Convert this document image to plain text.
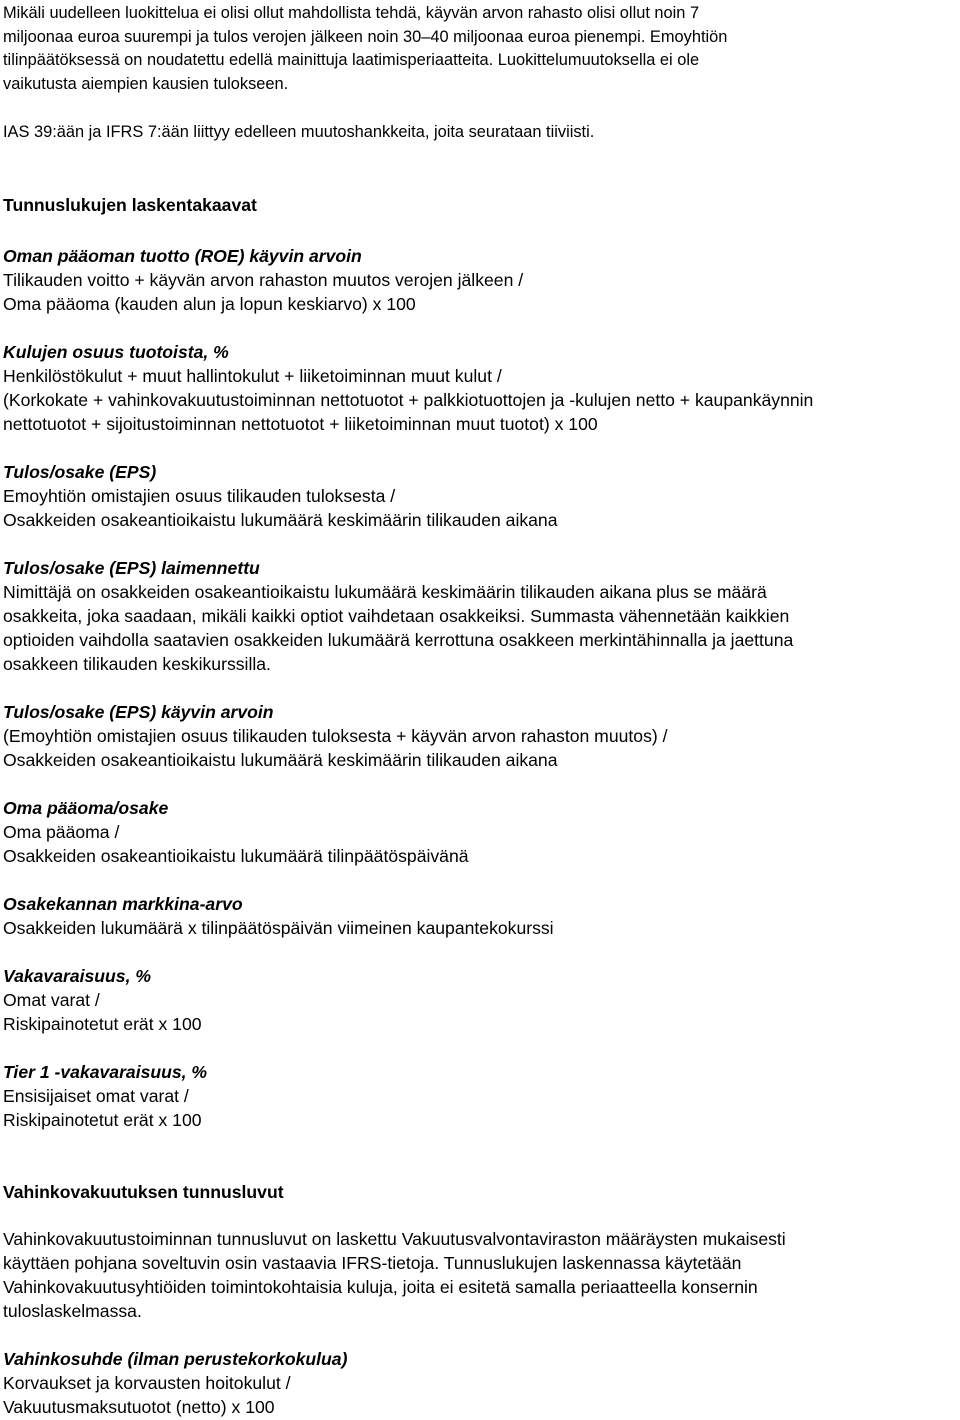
Mikäli uudelleen luokittelua ei olisi ollut mahdollista tehdä, käyvän arvon rahasto olisi ollut noin 7
miljoonaa euroa suurempi ja tulos verojen jälkeen noin 30–40 miljoonaa euroa pienempi. Emoyhtiön
tilinpäätöksessä on noudatettu edellä mainittuja laatimisperiaatteita. Luokittelumuutoksella ei ole
vaikutusta aiempien kausien tulokseen.
IAS 39:ään ja IFRS 7:ään liittyy edelleen muutoshankkeita, joita seurataan tiiviisti.
Tunnuslukujen laskentakaavat
Oman pääoman tuotto (ROE) käyvin arvoin
Tilikauden voitto + käyvän arvon rahaston muutos verojen jälkeen /
Oma pääoma (kauden alun ja lopun keskiarvo) x 100
Kulujen osuus tuotoista, %
Henkilöstökulut + muut hallintokulut + liiketoiminnan muut kulut /
(Korkokate + vahinkovakuutustoiminnan nettotuotot + palkkiotuottojen ja -kulujen netto + kaupankäynnin
nettotuotot + sijoitustoiminnan nettotuotot + liiketoiminnan muut tuotot) x 100
Tulos/osake (EPS)
Emoyhtiön omistajien osuus tilikauden tuloksesta /
Osakkeiden osakeantioikaistu lukumäärä keskimäärin tilikauden aikana
Tulos/osake (EPS) laimennettu
Nimittäjä on osakkeiden osakeantioikaistu lukumäärä keskimäärin tilikauden aikana plus se määrä
osakkeita, joka saadaan, mikäli kaikki optiot vaihdetaan osakkeiksi. Summasta vähennetään kaikkien
optioiden vaihdolla saatavien osakkeiden lukumäärä kerrottuna osakkeen merkintähinnalla ja jaettuna
osakkeen tilikauden keskikurssilla.
Tulos/osake (EPS) käyvin arvoin
(Emoyhtiön omistajien osuus tilikauden tuloksesta + käyvän arvon rahaston muutos) /
Osakkeiden osakeantioikaistu lukumäärä keskimäärin tilikauden aikana
Oma pääoma/osake
Oma pääoma /
Osakkeiden osakeantioikaistu lukumäärä tilinpäätöspäivänä
Osakekannan markkina-arvo
Osakkeiden lukumäärä x tilinpäätöspäivän viimeinen kaupantekokurssi
Vakavaraisuus, %
Omat varat /
Riskipainotetut erät x 100
Tier 1 -vakavaraisuus, %
Ensisijaiset omat varat /
Riskipainotetut erät x 100
Vahinkovakuutuksen tunnusluvut
Vahinkovakuutustoiminnan tunnusluvut on laskettu Vakuutusvalvontaviraston määräysten mukaisesti
käyttäen pohjana soveltuvin osin vastaavia IFRS-tietoja. Tunnuslukujen laskennassa käytetään
Vahinkovakuutusyhtiöiden toimintokohtaisia kuluja, joita ei esitetä samalla periaatteella konsernin
tuloslaskelmassa.
Vahinkosuhde (ilman perustekorkokulua)
Korvaukset ja korvausten hoitokulut /
Vakuutusmaksutuotot (netto) x 100
